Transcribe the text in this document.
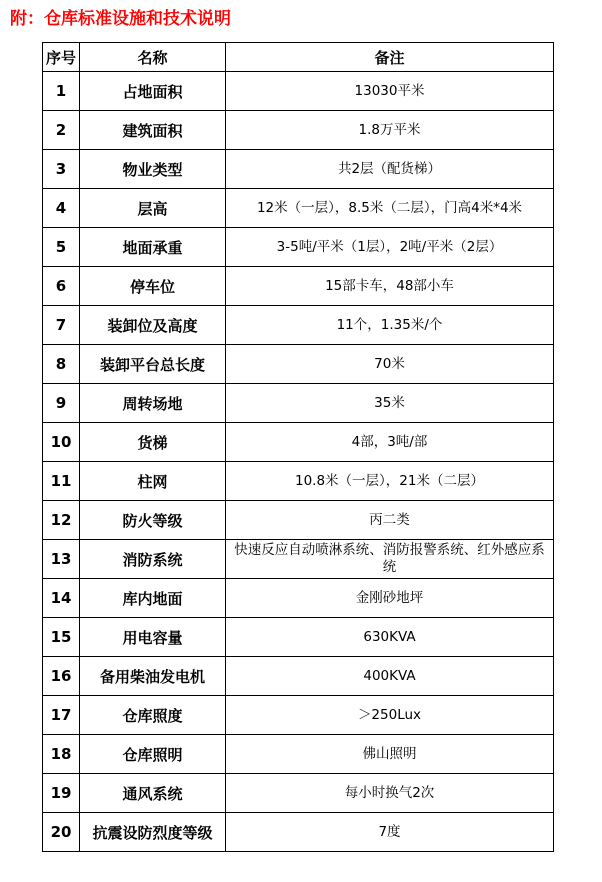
附：仓库标准设施和技术说明
序号	名称	备注
1	占地面积	13030平米
2	建筑面积	1.8万平米
3	物业类型	共2层（配货梯）
4	层高	12米（一层），8.5米（二层），门高4米*4米
5	地面承重	3-5吨/平米（1层），2吨/平米（2层）
6	停车位	15部卡车，48部小车
7	装卸位及高度	11个，1.35米/个
8	装卸平台总长度	70米
9	周转场地	35米
10	货梯	4部，3吨/部
11	柱网	10.8米（一层），21米（二层）
12	防火等级	丙二类
13	消防系统	快速反应自动喷淋系统、消防报警系统、红外感应系统
14	库内地面	金刚砂地坪
15	用电容量	630KVA
16	备用柴油发电机	400KVA
17	仓库照度	＞250Lux
18	仓库照明	佛山照明
19	通风系统	每小时换气2次
20	抗震设防烈度等级	7度
